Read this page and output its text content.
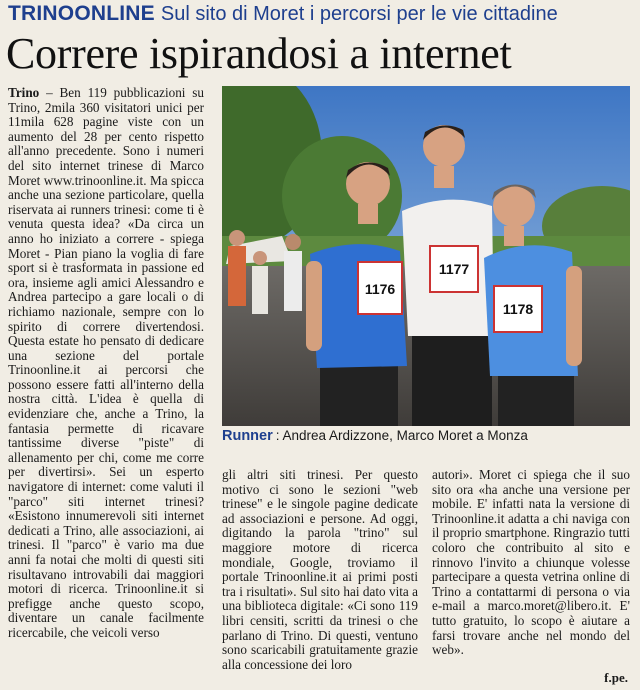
TRINOONLINE Sul sito di Moret i percorsi per le vie cittadine
Correre ispirandosi a internet
Trino – Ben 119 pubblicazioni su Trino, 2mila 360 visitatori unici per 11mila 628 pagine viste con un aumento del 28 per cento rispetto all'anno precedente. Sono i numeri del sito internet trinese di Marco Moret www.trinoonline.it. Ma spicca anche una sezione particolare, quella riservata ai runners trinesi: come ti è venuta questa idea? «Da circa un anno ho iniziato a correre - spiega Moret - Pian piano la voglia di fare sport si è trasformata in passione ed ora, insieme agli amici Alessandro e Andrea partecipo a gare locali o di richiamo nazionale, sempre con lo spirito di correre divertendosi. Questa estate ho pensato di dedicare una sezione del portale Trinoonline.it ai percorsi che possono essere fatti all'interno della nostra città. L'idea è quella di evidenziare che, anche a Trino, la fantasia permette di ricavare tantissime diverse "piste" di allenamento per chi, come me corre per divertirsi». Sei un esperto navigatore di internet: come valuti il "parco" siti internet trinesi? «Esistono innumerevoli siti internet dedicati a Trino, alle associazioni, ai trinesi. Il "parco" è vario ma due anni fa notai che molti di questi siti risultavano introvabili dai maggiori motori di ricerca. Trinoonline.it si prefigge anche questo scopo, diventare un canale facilmente ricercabile, che veicoli verso
1176
1177
1178
Runner : Andrea Ardizzone, Marco Moret a Monza
gli altri siti trinesi. Per questo motivo ci sono le sezioni "web trinese" e le singole pagine dedicate ad associazioni e persone. Ad oggi, digitando la parola "trino" sul maggiore motore di ricerca mondiale, Google, troviamo il portale Trinoonline.it ai primi posti tra i risultati». Sul sito hai dato vita a una biblioteca digitale: «Ci sono 119 libri censiti, scritti da trinesi o che parlano di Trino. Di questi, ventuno sono scaricabili gratuitamente grazie alla concessione dei loro
autori». Moret ci spiega che il suo sito ora «ha anche una versione per mobile. E' infatti nata la versione di Trinoonline.it adatta a chi naviga con il proprio smartphone. Ringrazio tutti coloro che contribuito al sito e rinnovo l'invito a chiunque volesse partecipare a questa vetrina online di Trino a contattarmi di persona o via e-mail a marco.moret@libero.it. E' tutto gratuito, lo scopo è aiutare a farsi trovare anche nel mondo del web».
f.pe.
